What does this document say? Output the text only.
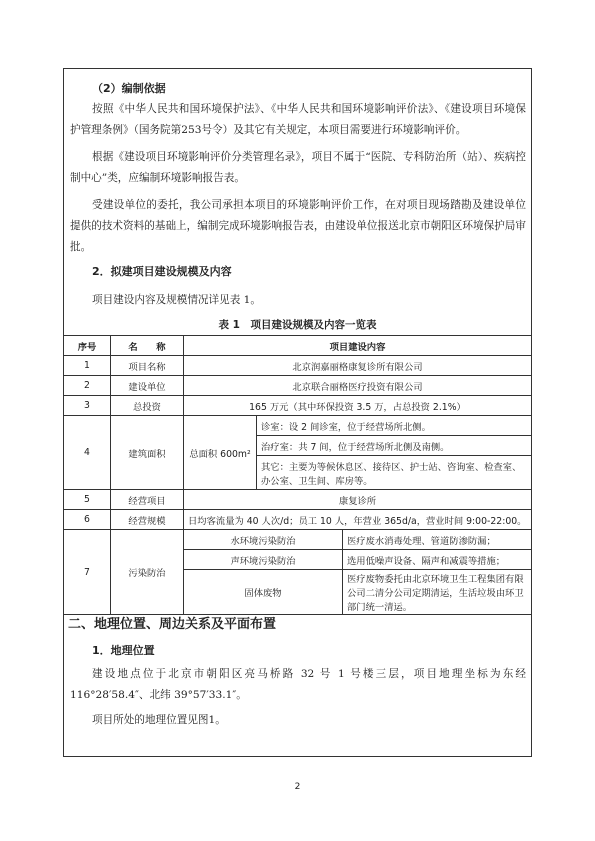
（2）编制依据
按照《中华人民共和国环境保护法》、《中华人民共和国环境影响评价法》、《建设项目环境保护管理条例》（国务院第253号令）及其它有关规定，本项目需要进行环境影响评价。
根据《建设项目环境影响评价分类管理名录》，项目不属于“医院、专科防治所（站）、疾病控制中心”类，应编制环境影响报告表。
受建设单位的委托，我公司承担本项目的环境影响评价工作，在对项目现场踏勘及建设单位提供的技术资料的基础上，编制完成环境影响报告表，由建设单位报送北京市朝阳区环境保护局审批。
2．拟建项目建设规模及内容
项目建设内容及规模情况详见表 1。
表 1　项目建设规模及内容一览表
序号	名　　称	项目建设内容		
1	项目名称	北京润嘉丽格康复诊所有限公司		
2	建设单位	北京联合丽格医疗投资有限公司		
3	总投资	165 万元（其中环保投资 3.5 万，占总投资 2.1%）		
4	建筑面积	总面积 600m²	诊室：设 2 间诊室，位于经营场所北侧。	
			治疗室：共 7 间，位于经营场所北侧及南侧。	
			其它：主要为等候休息区、接待区、护士站、咨询室、检查室、办公室、卫生间、库房等。	
5	经营项目	康复诊所		
6	经营规模	日均客流量为 40 人次/d；员工 10 人，年营业 365d/a，营业时间 9:00-22:00。		
7	污染防治	水环境污染防治		医疗废水消毒处理、管道防渗防漏；
		声环境污染防治		选用低噪声设备、隔声和减震等措施；
		固体废物		医疗废物委托由北京环境卫生工程集团有限公司二清分公司定期清运，生活垃圾由环卫部门统一清运。
二、地理位置、周边关系及平面布置
1．地理位置
建设地点位于北京市朝阳区亮马桥路 32 号 1 号楼三层，项目地理坐标为东经116°28′58.4″、北纬 39°57′33.1″。
项目所处的地理位置见图1。
2
